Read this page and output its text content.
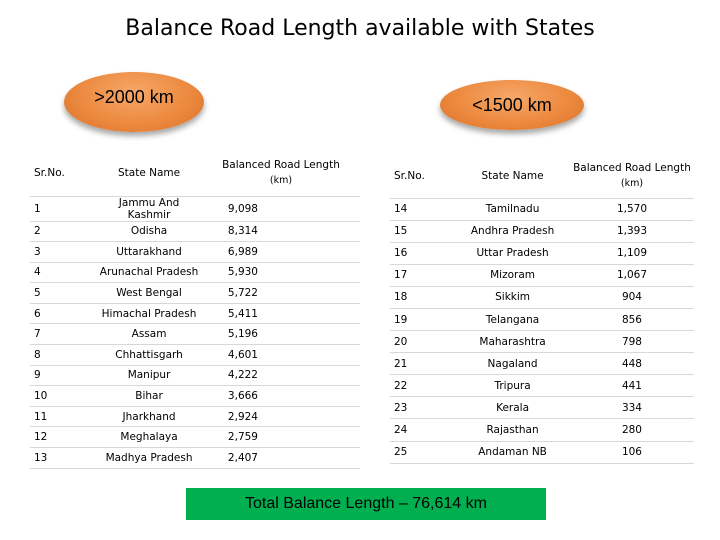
Balance Road Length available with States
>2000 km	<1500 km
Sr.No.	State Name	Balanced Road Length
(km)

1	Jammu And Kashmir	9,098
2	Odisha	8,314
3	Uttarakhand	6,989
4	Arunachal Pradesh	5,930
5	West Bengal	5,722
6	Himachal Pradesh	5,411
7	Assam	5,196
8	Chhattisgarh	4,601
9	Manipur	4,222
10	Bihar	3,666
11	Jharkhand	2,924
12	Meghalaya	2,759
13	Madhya Pradesh	2,407
Sr.No.	State Name	Balanced Road Length
(km)

14	Tamilnadu	1,570
15	Andhra Pradesh	1,393
16	Uttar Pradesh	1,109
17	Mizoram	1,067
18	Sikkim	904
19	Telangana	856
20	Maharashtra	798
21	Nagaland	448
22	Tripura	441
23	Kerala	334
24	Rajasthan	280
25	Andaman NB	106
Total Balance Length – 76,614 km
